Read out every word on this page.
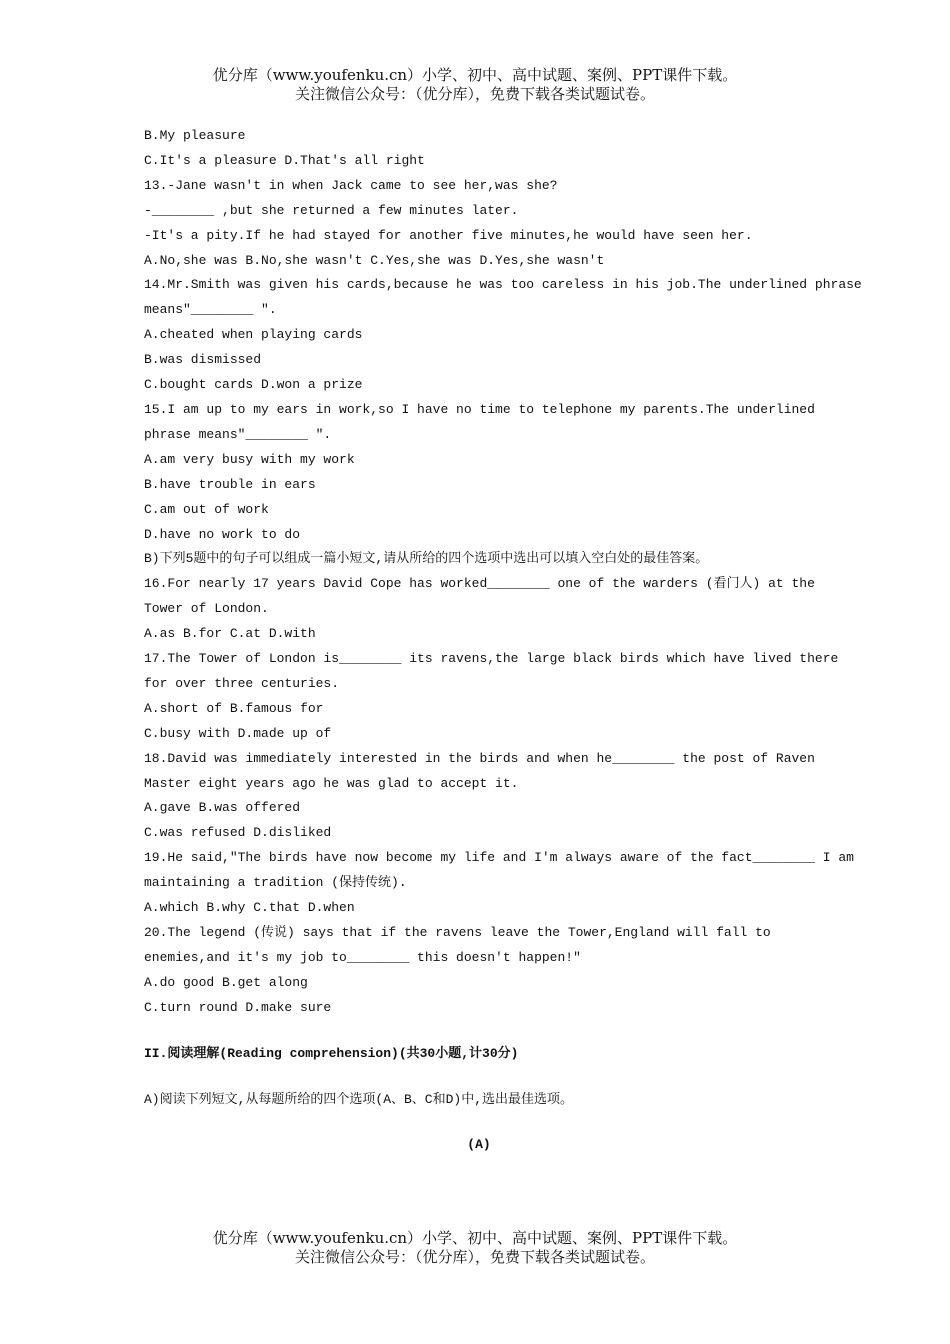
优分库（www.youfenku.cn）小学、初中、高中试题、案例、PPT课件下载。
关注微信公众号：（优分库），免费下载各类试题试卷。
B.My pleasure
C.It's a pleasure D.That's all right
13.-Jane wasn't in when Jack came to see her,was she?
-________ ,but she returned a few minutes later.
-It's a pity.If he had stayed for another five minutes,he would have seen her.
A.No,she was B.No,she wasn't C.Yes,she was D.Yes,she wasn't
14.Mr.Smith was given his cards,because he was too careless in his job.The underlined phrase
means"________ ".
A.cheated when playing cards
B.was dismissed
C.bought cards D.won a prize
15.I am up to my ears in work,so I have no time to telephone my parents.The underlined
phrase means"________ ".
A.am very busy with my work
B.have trouble in ears
C.am out of work
D.have no work to do
B)下列5题中的句子可以组成一篇小短文,请从所给的四个选项中选出可以填入空白处的最佳答案。
16.For nearly 17 years David Cope has worked________ one of the warders (看门人) at the
Tower of London.
A.as B.for C.at D.with
17.The Tower of London is________ its ravens,the large black birds which have lived there
for over three centuries.
A.short of B.famous for
C.busy with D.made up of
18.David was immediately interested in the birds and when he________ the post of Raven
Master eight years ago he was glad to accept it.
A.gave B.was offered
C.was refused D.disliked
19.He said,"The birds have now become my life and I'm always aware of the fact________ I am
maintaining a tradition (保持传统).
A.which B.why C.that D.when
20.The legend (传说) says that if the ravens leave the Tower,England will fall to
enemies,and it's my job to________ this doesn't happen!"
A.do good B.get along
C.turn round D.make sure
II.阅读理解(Reading comprehension)(共30小题,计30分)
A)阅读下列短文,从每题所给的四个选项(A、B、C和D)中,选出最佳选项。
(A)
优分库（www.youfenku.cn）小学、初中、高中试题、案例、PPT课件下载。
关注微信公众号：（优分库），免费下载各类试题试卷。
